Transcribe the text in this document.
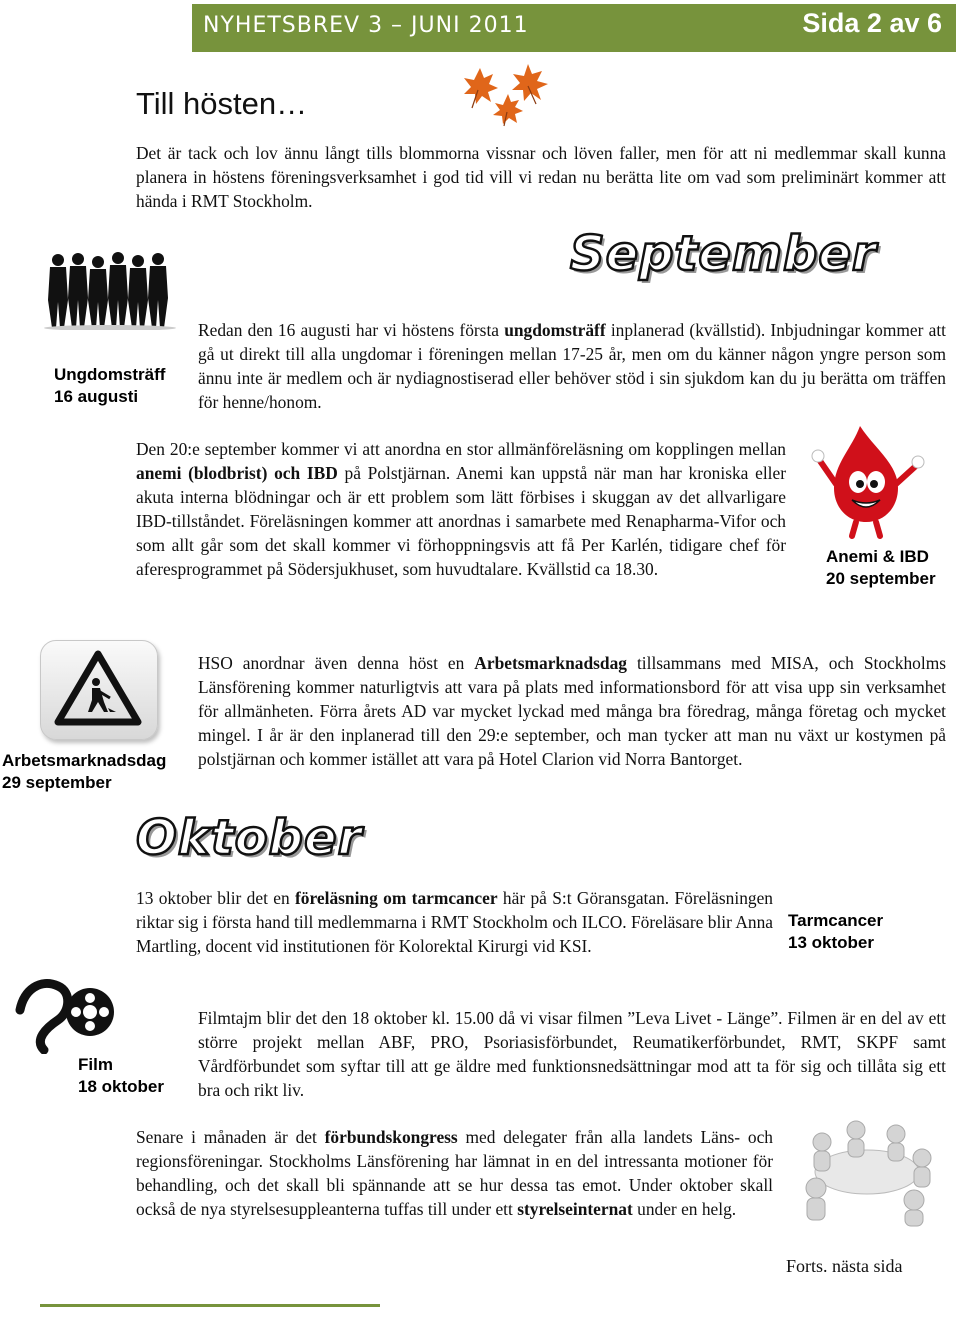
NYHETSBREV 3 – JUNI 2011	Sida 2 av 6
Till hösten…

Det är tack och lov ännu långt tills blommorna vissnar och löven faller, men för att ni medlemmar skall kunna planera in höstens föreningsverksamhet i god tid vill vi redan nu berätta lite om vad som preliminärt kommer att hända i RMT Stockholm.

September
Ungdomsträff
16 augusti

Redan den 16 augusti har vi höstens första ungdomsträff inplanerad (kvällstid). Inbjudningar kommer att gå ut direkt till alla ungdomar i föreningen mellan 17-25 år, men om du känner någon yngre person som ännu inte är medlem och är nydiagnostiserad eller behöver stöd i sin sjukdom kan du ju berätta om träffen för henne/honom.

Den 20:e september kommer vi att anordna en stor allmänföreläsning om kopplingen mellan anemi (blodbrist) och IBD på Polstjärnan. Anemi kan uppstå när man har kroniska eller akuta interna blödningar och är ett problem som lätt förbises i skuggan av det allvarligare IBD-tillståndet. Föreläsningen kommer att anordnas i samarbete med Renapharma-Vifor och som allt går som det skall kommer vi förhoppningsvis att få Per Karlén, tidigare chef för aferesprogrammet på Södersjukhuset, som huvudtalare. Kvällstid ca 18.30.

Anemi & IBD
20 september
Arbetsmarknadsdag
29 september

HSO anordnar även denna höst en Arbetsmarknadsdag tillsammans med MISA, och Stockholms Länsförening kommer naturligtvis att vara på plats med informationsbord för att visa upp sin verksamhet för allmänheten. Förra årets AD var mycket lyckad med många bra föredrag, många företag och mycket mingel. I år är den inplanerad till den 29:e september, och man tycker att man nu växt ur kostymen på polstjärnan och kommer istället att vara på Hotel Clarion vid Norra Bantorget.

Oktober

13 oktober blir det en föreläsning om tarmcancer här på S:t Göransgatan. Föreläsningen riktar sig i första hand till medlemmarna i RMT Stockholm och ILCO. Föreläsare blir Anna Martling, docent vid institutionen för Kolorektal Kirurgi vid KSI.

Tarmcancer
13 oktober
Film
18 oktober

Filmtajm blir det den 18 oktober kl. 15.00 då vi visar filmen ”Leva Livet - Länge”. Filmen är en del av ett större projekt mellan ABF, PRO, Psoriasisförbundet, Reumatikerförbundet, RMT, SKPF samt Vårdförbundet som syftar till att ge äldre med funktionsnedsättningar mod att ta för sig och tillåta sig ett bra och rikt liv.

Senare i månaden är det förbundskongress med delegater från alla landets Läns- och regionsföreningar. Stockholms Länsförening har lämnat in en del intressanta motioner för behandling, och det skall bli spännande att se hur dessa tas emot. Under oktober skall också de nya styrelsesuppleanterna tuffas till under ett styrelseinternat under en helg.

Forts. nästa sida
